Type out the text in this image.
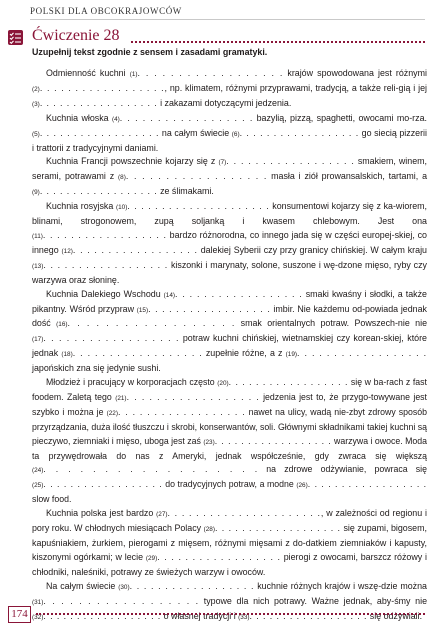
POLSKI DLA OBCOKRAJOWCÓW
Ćwiczenie 28
Uzupełnij tekst zgodnie z sensem i zasadami gramatyki.

Odmienność kuchni (1). . . . . . . . . . . . . . . . . . krajów spowodowana jest różnymi (2). . . . . . . . . . . . . . . . . ., np. klimatem, różnymi przyprawami, tradycją, a także reli-gią i jej (3). . . . . . . . . . . . . . . . . . i zakazami dotyczącymi jedzenia.

Kuchnia włoska (4). . . . . . . . . . . . . . . . . . bazylią, pizzą, spaghetti, owocami mo-rza. (5). . . . . . . . . . . . . . . . . . na całym świecie (6). . . . . . . . . . . . . . . . . . go siecią pizzerii i trattorii z tradycyjnymi daniami.

Kuchnia Francji powszechnie kojarzy się z (7). . . . . . . . . . . . . . . . . . smakiem, winem, serami, potrawami z (8). . . . . . . . . . . . . . . . . . masła i ziół prowansalskich, tartami, a (9). . . . . . . . . . . . . . . . . . ze ślimakami.

Kuchnia rosyjska (10). . . . . . . . . . . . . . . . . . . . . konsumentowi kojarzy się z ka-wiorem, blinami, strogonowem, zupą soljanką i kwasem chlebowym. Jest ona (11). . . . . . . . . . . . . . . . . . bardzo różnorodna, co innego jada się w części europej-skiej, co innego (12). . . . . . . . . . . . . . . . . . dalekiej Syberii czy przy granicy chińskiej. W całym kraju (13). . . . . . . . . . . . . . . . . . kiszonki i marynaty, solone, suszone i wę-dzone mięso, ryby czy warzywa oraz słoninę.

Kuchnia Dalekiego Wschodu (14). . . . . . . . . . . . . . . . . . smaki kwaśny i słodki, a także pikantny. Wśród przypraw (15). . . . . . . . . . . . . . . . . . imbir. Nie każdemu od-powiada jednak dość (16). . . . . . . . . . . . . . . . . . smak orientalnych potraw. Powszech-nie nie (17). . . . . . . . . . . . . . . . . . potraw kuchni chińskiej, wietnamskiej czy korean-skiej, które jednak (18). . . . . . . . . . . . . . . . . . zupełnie różne, a z (19). . . . . . . . . . . . . . . . . . japońskich zna się jedynie sushi.

Młodzież i pracujący w korporacjach często (20). . . . . . . . . . . . . . . . . . się w ba-rach z fast foodem. Zaletą tego (21). . . . . . . . . . . . . . . . . . jedzenia jest to, że przygo-towywane jest szybko i można je (22). . . . . . . . . . . . . . . . . . nawet na ulicy, wadą nie-zbyt zdrowy sposób przyrządzania, duża ilość tłuszczu i skrobi, konserwantów, soli. Głównymi składnikami takiej kuchni są pieczywo, ziemniaki i mięso, uboga jest zaś (23). . . . . . . . . . . . . . . . . . warzywa i owoce. Moda ta przywędrowała do nas z Ameryki, jednak współcześnie, gdy zwraca się większą (24). . . . . . . . . . . . . . . . . . na zdrowe odżywianie, powraca się (25). . . . . . . . . . . . . . . . . . do tradycyjnych potraw, a modne (26). . . . . . . . . . . . . . . . . . slow food.

Kuchnia polska jest bardzo (27). . . . . . . . . . . . . . . . . . . . . ., w zależności od regionu i pory roku. W chłodnych miesiącach Polacy (28). . . . . . . . . . . . . . . . . . . się zupami, bigosem, kapuśniakiem, żurkiem, pierogami z mięsem, różnymi mięsami z do-datkiem ziemniaków i kapusty, kiszonymi ogórkami; w lecie (29). . . . . . . . . . . . . . . . . . pierogi z owocami, barszcz różowy i chłodniki, naleśniki, potrawy ze świeżych warzyw i owoców.

Na całym świecie (30). . . . . . . . . . . . . . . . . . kuchnie różnych krajów i wszę-dzie można (31). . . . . . . . . . . . . . . . . . typowe dla nich potrawy. Ważne jednak, aby-śmy nie (32). . . . . . . . . . . . . . . . . . o własnej tradycji i (33). . . . . . . . . . . . . . . . . . się odżywiali.

174
